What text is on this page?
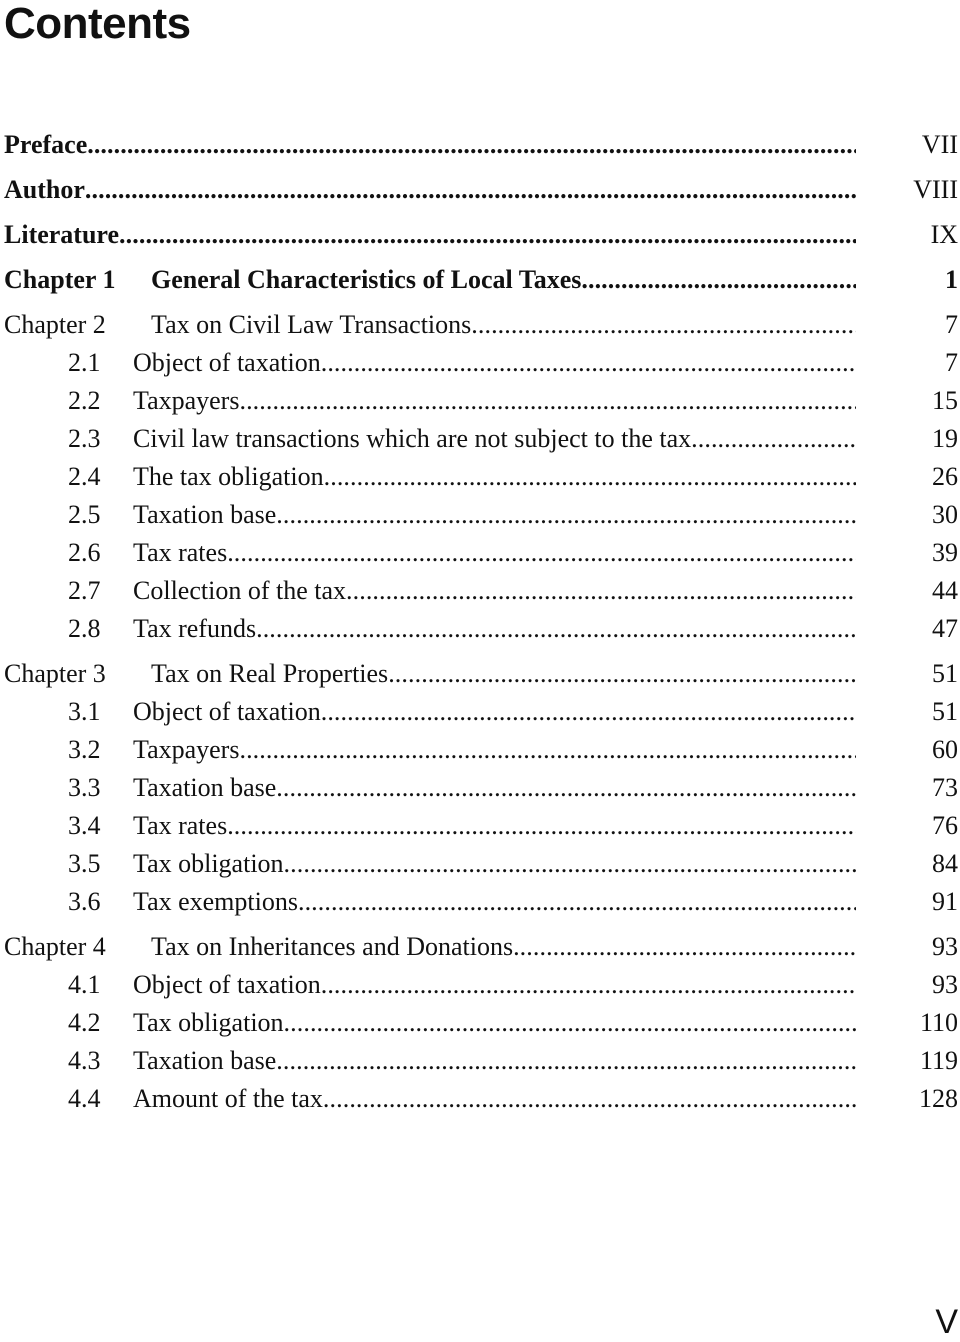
Contents
Preface . . .	VII
Author . . .	VIII
Literature . . .	IX
Chapter 1	General Characteristics of Local Taxes . . .	1
Chapter 2	Tax on Civil Law Transactions . . .	7
2.1	Object of taxation . . .	7
2.2	Taxpayers . . .	15
2.3	Civil law transactions which are not subject to the tax . . .	19
2.4	The tax obligation . . .	26
2.5	Taxation base . . .	30
2.6	Tax rates . . .	39
2.7	Collection of the tax . . .	44
2.8	Tax refunds . . .	47
Chapter 3	Tax on Real Properties . . .	51
3.1	Object of taxation . . .	51
3.2	Taxpayers . . .	60
3.3	Taxation base . . .	73
3.4	Tax rates . . .	76
3.5	Tax obligation . . .	84
3.6	Tax exemptions . . .	91
Chapter 4	Tax on Inheritances and Donations . . .	93
4.1	Object of taxation . . .	93
4.2	Tax obligation . . .	110
4.3	Taxation base . . .	119
4.4	Amount of the tax . . .	128
V
